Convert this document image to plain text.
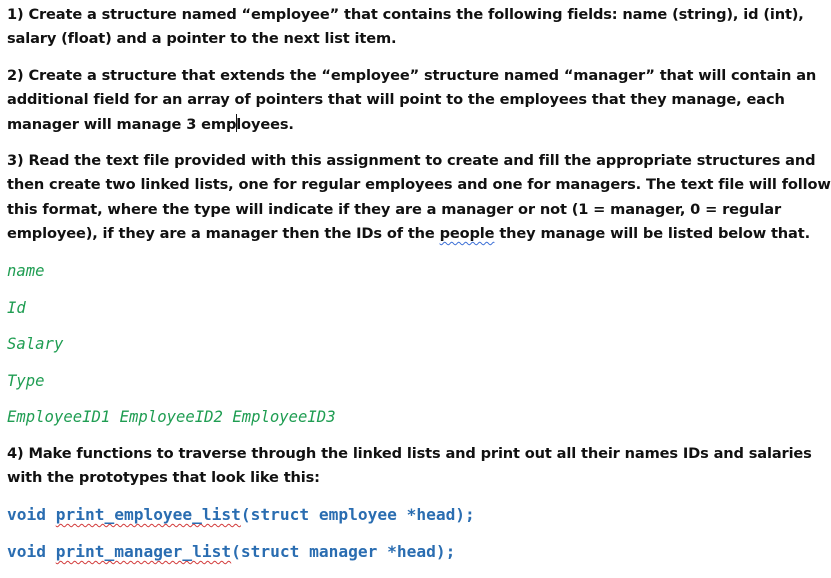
1) Create a structure named “employee” that contains the following fields: name (string), id (int),
salary (float) and a pointer to the next list item.
2) Create a structure that extends the “employee” structure named “manager” that will contain an
additional field for an array of pointers that will point to the employees that they manage, each
manager will manage 3 employees.
3) Read the text file provided with this assignment to create and fill the appropriate structures and
then create two linked lists, one for regular employees and one for managers. The text file will follow
this format, where the type will indicate if they are a manager or not (1 = manager, 0 = regular
employee), if they are a manager then the IDs of the people they manage will be listed below that.
name
Id
Salary
Type
EmployeeID1 EmployeeID2 EmployeeID3
4) Make functions to traverse through the linked lists and print out all their names IDs and salaries
with the prototypes that look like this:
void print_employee_list(struct employee *head);
void print_manager_list(struct manager *head);
